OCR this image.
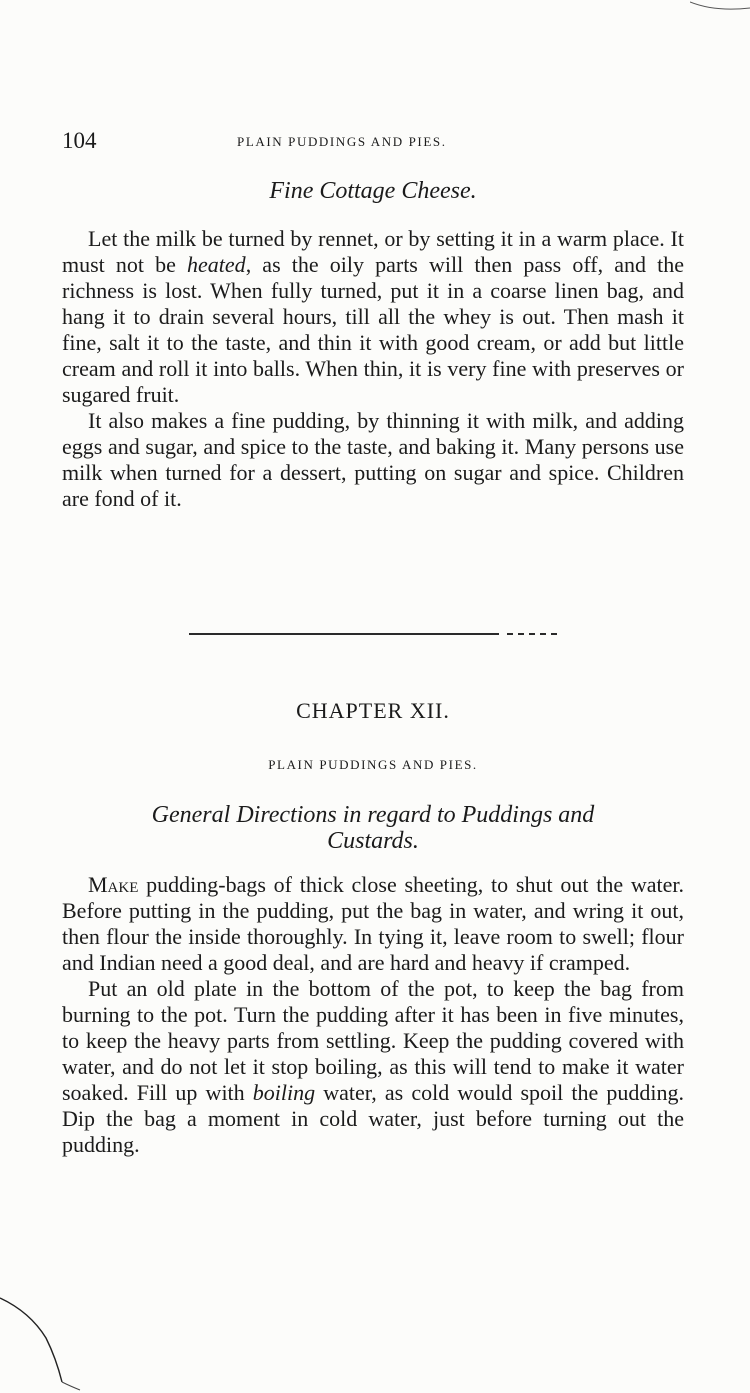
104	PLAIN PUDDINGS AND PIES.
Fine Cottage Cheese.

Let the milk be turned by rennet, or by setting it in a warm place. It must not be heated, as the oily parts will then pass off, and the richness is lost. When fully turned, put it in a coarse linen bag, and hang it to drain several hours, till all the whey is out. Then mash it fine, salt it to the taste, and thin it with good cream, or add but little cream and roll it into balls. When thin, it is very fine with preserves or sugared fruit.

It also makes a fine pudding, by thinning it with milk, and adding eggs and sugar, and spice to the taste, and baking it. Many persons use milk when turned for a dessert, putting on sugar and spice. Children are fond of it.

CHAPTER XII.
PLAIN PUDDINGS AND PIES.
General Directions in regard to Puddings and
Custards.

Make pudding-bags of thick close sheeting, to shut out the water. Before putting in the pudding, put the bag in water, and wring it out, then flour the inside thoroughly. In tying it, leave room to swell; flour and Indian need a good deal, and are hard and heavy if cramped.

Put an old plate in the bottom of the pot, to keep the bag from burning to the pot. Turn the pudding after it has been in five minutes, to keep the heavy parts from settling. Keep the pudding covered with water, and do not let it stop boiling, as this will tend to make it water soaked. Fill up with boiling water, as cold would spoil the pudding. Dip the bag a moment in cold water, just before turning out the pudding.
